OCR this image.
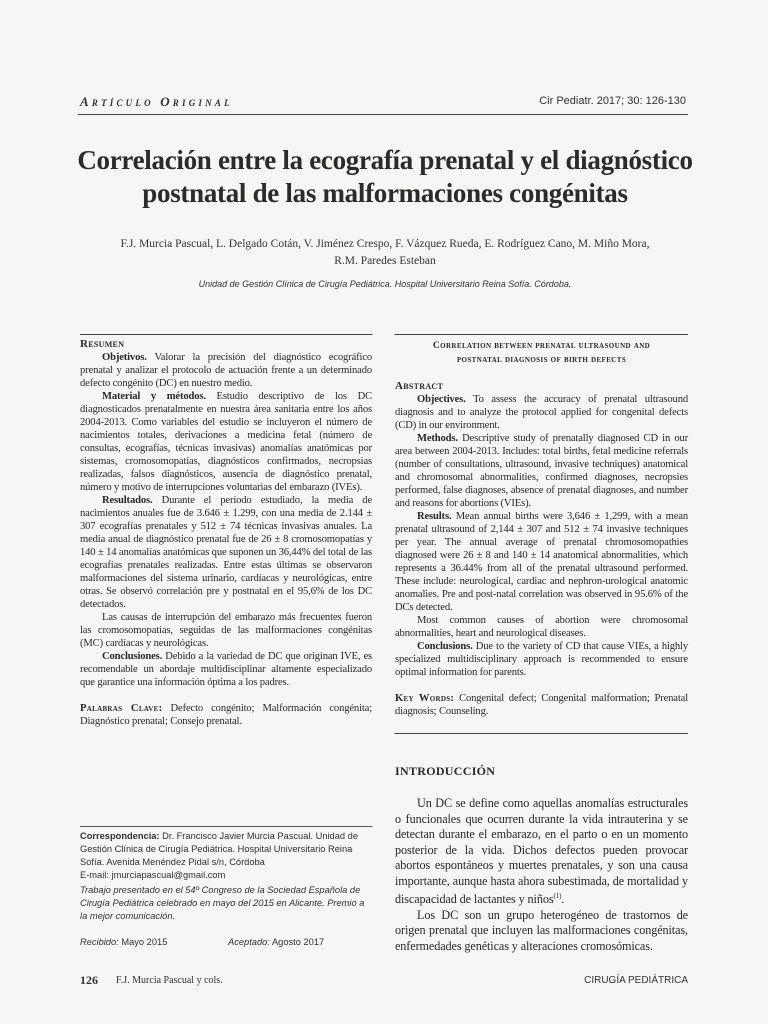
Artículo Original	Cir Pediatr. 2017; 30: 126-130
Correlación entre la ecografía prenatal y el diagnóstico
postnatal de las malformaciones congénitas
F.J. Murcia Pascual, L. Delgado Cotán, V. Jiménez Crespo, F. Vázquez Rueda, E. Rodríguez Cano, M. Miño Mora,
R.M. Paredes Esteban
Unidad de Gestión Clínica de Cirugía Pediátrica. Hospital Universitario Reina Sofía. Córdoba.
Resumen
Objetivos. Valorar la precisión del diagnóstico ecográfico prenatal y analizar el protocolo de actuación frente a un determinado defecto congénito (DC) en nuestro medio.
Material y métodos. Estudio descriptivo de los DC diagnosticados prenatalmente en nuestra área sanitaria entre los años 2004-2013. Como variables del estudio se incluyeron el número de nacimientos totales, derivaciones a medicina fetal (número de consultas, ecografías, técnicas invasivas) anomalías anatómicas por sistemas, cromosomopatías, diagnósticos confirmados, necropsias realizadas, falsos diagnósticos, ausencia de diagnóstico prenatal, número y motivo de interrupciones voluntarias del embarazo (IVEs).
Resultados. Durante el período estudiado, la media de nacimientos anuales fue de 3.646 ± 1.299, con una media de 2.144 ± 307 ecografías prenatales y 512 ± 74 técnicas invasivas anuales. La media anual de diagnóstico prenatal fue de 26 ± 8 cromosomopatías y 140 ± 14 anomalías anatómicas que suponen un 36,44% del total de las ecografías prenatales realizadas. Entre estas últimas se observaron malformaciones del sistema urinario, cardíacas y neurológicas, entre otras. Se observó correlación pre y postnatal en el 95,6% de los DC detectados.
Las causas de interrupción del embarazo más frecuentes fueron las cromosomopatías, seguidas de las malformaciones congénitas (MC) cardíacas y neurológicas.
Conclusiones. Debido a la variedad de DC que originan IVE, es recomendable un abordaje multidisciplinar altamente especializado que garantice una información óptima a los padres.
Palabras Clave: Defecto congénito; Malformación congénita; Diagnóstico prenatal; Consejo prenatal.
Correlation between prenatal ultrasound and
postnatal diagnosis of birth defects
Abstract
Objectives. To assess the accuracy of prenatal ultrasound diagnosis and to analyze the protocol applied for congenital defects (CD) in our environment.
Methods. Descriptive study of prenatally diagnosed CD in our area between 2004-2013. Includes: total births, fetal medicine referrals (number of consultations, ultrasound, invasive techniques) anatomical and chromosomal abnormalities, confirmed diagnoses, necropsies performed, false diagnoses, absence of prenatal diagnoses, and number and reasons for abortions (VIEs).
Results. Mean annual births were 3,646 ± 1,299, with a mean prenatal ultrasound of 2,144 ± 307 and 512 ± 74 invasive techniques per year. The annual average of prenatal chromosomopathies diagnosed were 26 ± 8 and 140 ± 14 anatomical abnormalities, which represents a 36.44% from all of the prenatal ultrasound performed. These include: neurological, cardiac and nephron-urological anatomic anomalies. Pre and post-natal correlation was observed in 95.6% of the DCs detected.
Most common causes of abortion were chromosomal abnormalities, heart and neurological diseases.
Conclusions. Due to the variety of CD that cause VIEs, a highly specialized multidisciplinary approach is recommended to ensure optimal information for parents.
Key Words: Congenital defect; Congenital malformation; Prenatal diagnosis; Counseling.
INTRODUCCIÓN
Un DC se define como aquellas anomalías estructurales o funcionales que ocurren durante la vida intrauterina y se detectan durante el embarazo, en el parto o en un momento posterior de la vida. Dichos defectos pueden provocar abortos espontáneos y muertes prenatales, y son una causa importante, aunque hasta ahora subestimada, de mortalidad y discapacidad de lactantes y niños$^{(1)}$.
Los DC son un grupo heterogéneo de trastornos de origen prenatal que incluyen las malformaciones congénitas, enfermedades genéticas y alteraciones cromosómicas.
Correspondencia: Dr. Francisco Javier Murcia Pascual. Unidad de Gestión Clínica de Cirugía Pediátrica. Hospital Universitario Reina Sofía. Avenida Menéndez Pidal s/n, Córdoba
E-mail: jmurciapascual@gmail.com
Trabajo presentado en el 54º Congreso de la Sociedad Española de Cirugía Pediátrica celebrado en mayo del 2015 en Alicante. Premio a la mejor comunicación.
Recibido: Mayo 2015	Aceptado: Agosto 2017
126 F.J. Murcia Pascual y cols.	CIRUGÍA PEDIÁTRICA
